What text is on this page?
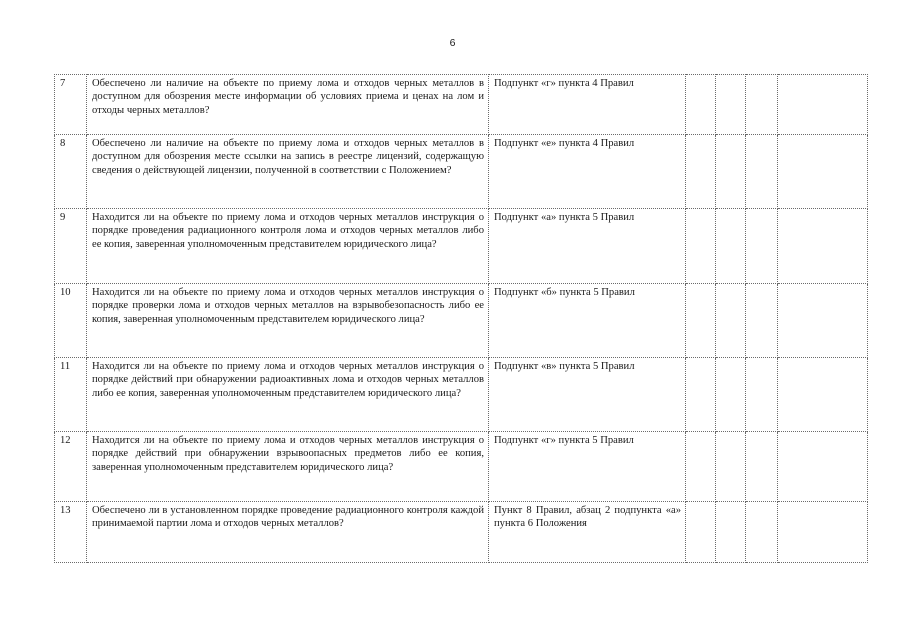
6
7	Обеспечено ли наличие на объекте по приему лома и отходов черных металлов в доступном для обозрения месте информации об условиях приема и ценах на лом и отходы черных металлов?	Подпункт «г» пункта 4 Правил				
8	Обеспечено ли наличие на объекте по приему лома и отходов черных металлов в доступном для обозрения месте ссылки на запись в реестре лицензий, содержащую сведения о действующей лицензии, полученной в соответствии с Положением?	Подпункт «е» пункта 4 Правил				
9	Находится ли на объекте по приему лома и отходов черных металлов инструкция о порядке проведения радиационного контроля лома и отходов черных металлов либо ее копия, заверенная уполномоченным представителем юридического лица?	Подпункт «а» пункта 5 Правил				
10	Находится ли на объекте по приему лома и отходов черных металлов инструкция о порядке проверки лома и отходов черных металлов на взрывобезопасность либо ее копия, заверенная уполномоченным представителем юридического лица?	Подпункт «б» пункта 5 Правил				
11	Находится ли на объекте по приему лома и отходов черных металлов инструкция о порядке действий при обнаружении радиоактивных лома и отходов черных металлов либо ее копия, заверенная уполномоченным представителем юридического лица?	Подпункт «в» пункта 5 Правил				
12	Находится ли на объекте по приему лома и отходов черных металлов инструкция о порядке действий при обнаружении взрывоопасных предметов либо ее копия, заверенная уполномоченным представителем юридического лица?	Подпункт «г» пункта 5 Правил				
13	Обеспечено ли в установленном порядке проведение радиационного контроля каждой принимаемой партии лома и отходов черных металлов?	Пункт 8 Правил, абзац 2 подпункта «а» пункта 6 Положения				
